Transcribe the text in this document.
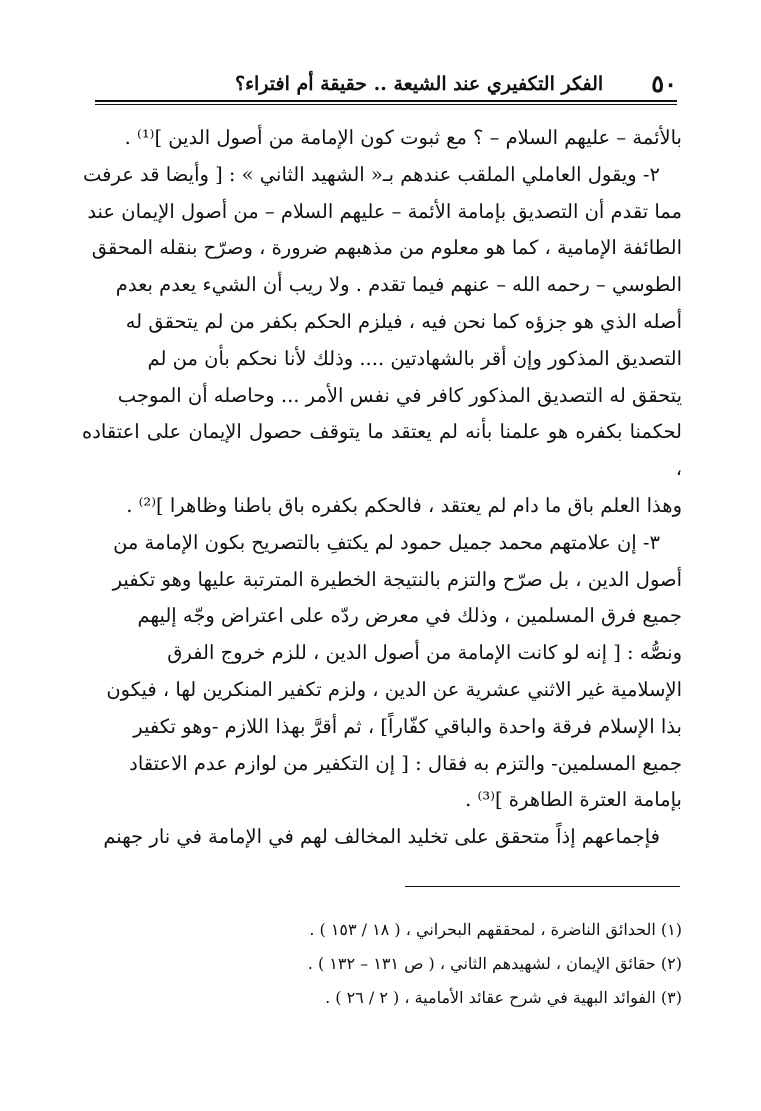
٥٠
الفكر التكفيري عند الشيعة .. حقيقة أم افتراء؟

بالأئمة – عليهم السلام – ؟ مع ثبوت كون الإمامة من أصول الدين ]⁽¹⁾ .

٢- ويقول العاملي الملقب عندهم بـ« الشهيد الثاني » : [ وأيضا قد عرفت

مما تقدم أن التصديق بإمامة الأئمة – عليهم السلام – من أصول الإيمان عند

الطائفة الإمامية ، كما هو معلوم من مذهبهم ضرورة ، وصرّح بنقله المحقق

الطوسي – رحمه الله – عنهم فيما تقدم . ولا ريب أن الشيء يعدم بعدم

أصله الذي هو جزؤه كما نحن فيه ، فيلزم الحكم بكفر من لم يتحقق له

التصديق المذكور وإن أقر بالشهادتين .... وذلك لأنا نحكم بأن من لم

يتحقق له التصديق المذكور كافر في نفس الأمر ... وحاصله أن الموجب

لحكمنا بكفره هو علمنا بأنه لم يعتقد ما يتوقف حصول الإيمان على اعتقاده ،

وهذا العلم باق ما دام لم يعتقد ، فالحكم بكفره باق باطنا وظاهرا ]⁽²⁾ .

٣- إن علامتهم محمد جميل حمود لم يكتفِ بالتصريح بكون الإمامة من

أصول الدين ، بل صرّح والتزم بالنتيجة الخطيرة المترتبة عليها وهو تكفير

جميع فرق المسلمين ، وذلك في معرض ردّه على اعتراض وجّه إليهم

ونصُّه : [ إنه لو كانت الإمامة من أصول الدين ، للزم خروج الفرق

الإسلامية غير الاثني عشرية عن الدين ، ولزم تكفير المنكرين لها ، فيكون

بذا الإسلام فرقة واحدة والباقي كفّاراً] ، ثم أقرَّ بهذا اللازم -وهو تكفير

جميع المسلمين- والتزم به فقال : [ إن التكفير من لوازم عدم الاعتقاد

بإمامة العترة الطاهرة ]⁽³⁾ .

فإجماعهم إذاً متحقق على تخليد المخالف لهم في الإمامة في نار جهنم

(١) الحدائق الناضرة ، لمحققهم البحراني ، ( ١٨ / ١٥٣ ) .
(٢) حقائق الإيمان ، لشهيدهم الثاني ، ( ص ١٣١ – ١٣٢ ) .
(٣) الفوائد البهية في شرح عقائد الأمامية ، ( ٢ / ٢٦ ) .
